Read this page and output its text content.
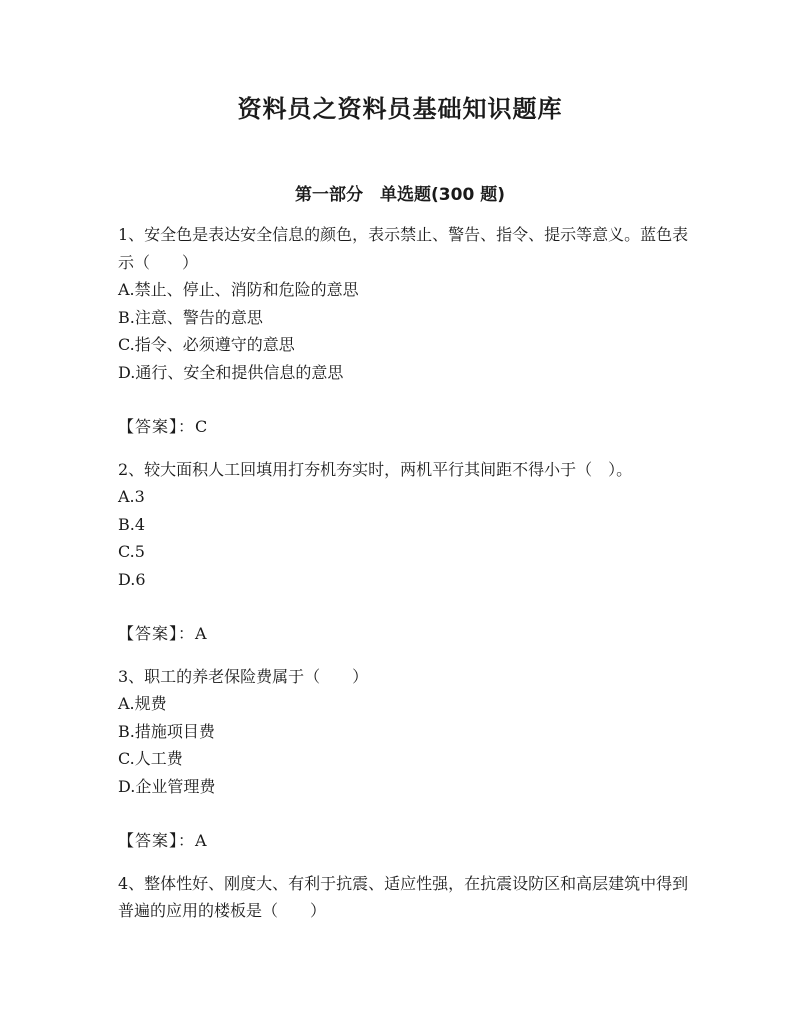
资料员之资料员基础知识题库
第一部分　单选题(300 题)

1、安全色是表达安全信息的颜色，表示禁止、警告、指令、提示等意义。蓝色表示（　　）

A.禁止、停止、消防和危险的意思

B.注意、警告的意思

C.指令、必须遵守的意思

D.通行、安全和提供信息的意思

【答案】：C

2、较大面积人工回填用打夯机夯实时，两机平行其间距不得小于（　）。

A.3

B.4

C.5

D.6

【答案】：A

3、职工的养老保险费属于（　　）

A.规费

B.措施项目费

C.人工费

D.企业管理费

【答案】：A

4、整体性好、刚度大、有利于抗震、适应性强，在抗震设防区和高层建筑中得到普遍的应用的楼板是（　　）
